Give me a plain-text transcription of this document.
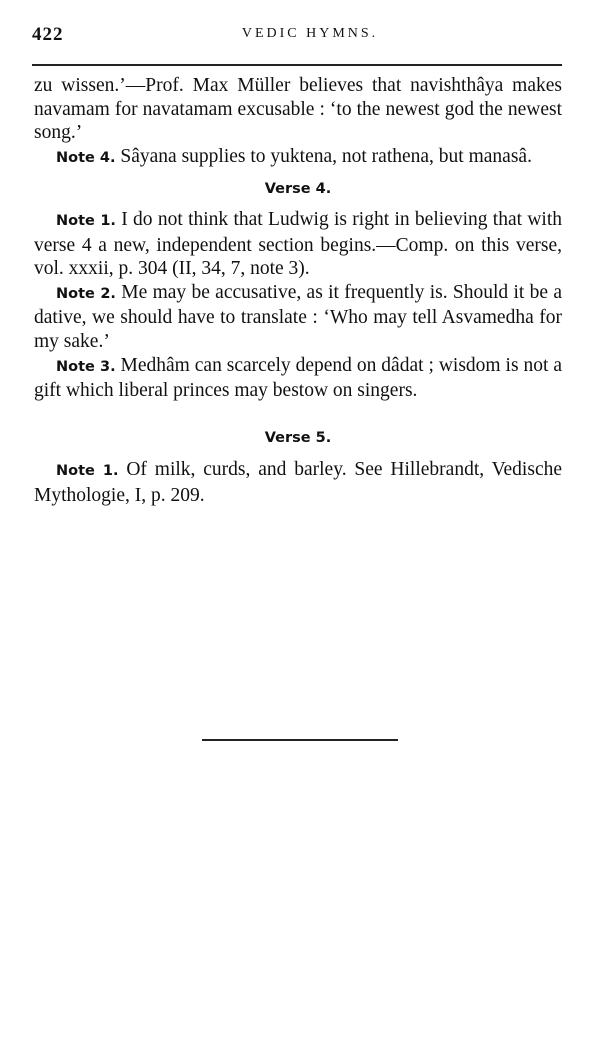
422	VEDIC HYMNS.

zu wissen.’—Prof. Max Müller believes that navishthâya makes navamam for navatamam excusable : ‘to the newest god the newest song.’

Note 4. Sâyana supplies to yuktena, not rathena, but manasâ.

Verse 4.

Note 1. I do not think that Ludwig is right in believing that with verse 4 a new, independent section begins.—Comp. on this verse, vol. xxxii, p. 304 (II, 34, 7, note 3).

Note 2. Me may be accusative, as it frequently is. Should it be a dative, we should have to translate : ‘Who may tell Asvamedha for my sake.’

Note 3. Medhâm can scarcely depend on dâdat ; wisdom is not a gift which liberal princes may bestow on singers.

Verse 5.

Note 1. Of milk, curds, and barley. See Hillebrandt, Vedische Mythologie, I, p. 209.
